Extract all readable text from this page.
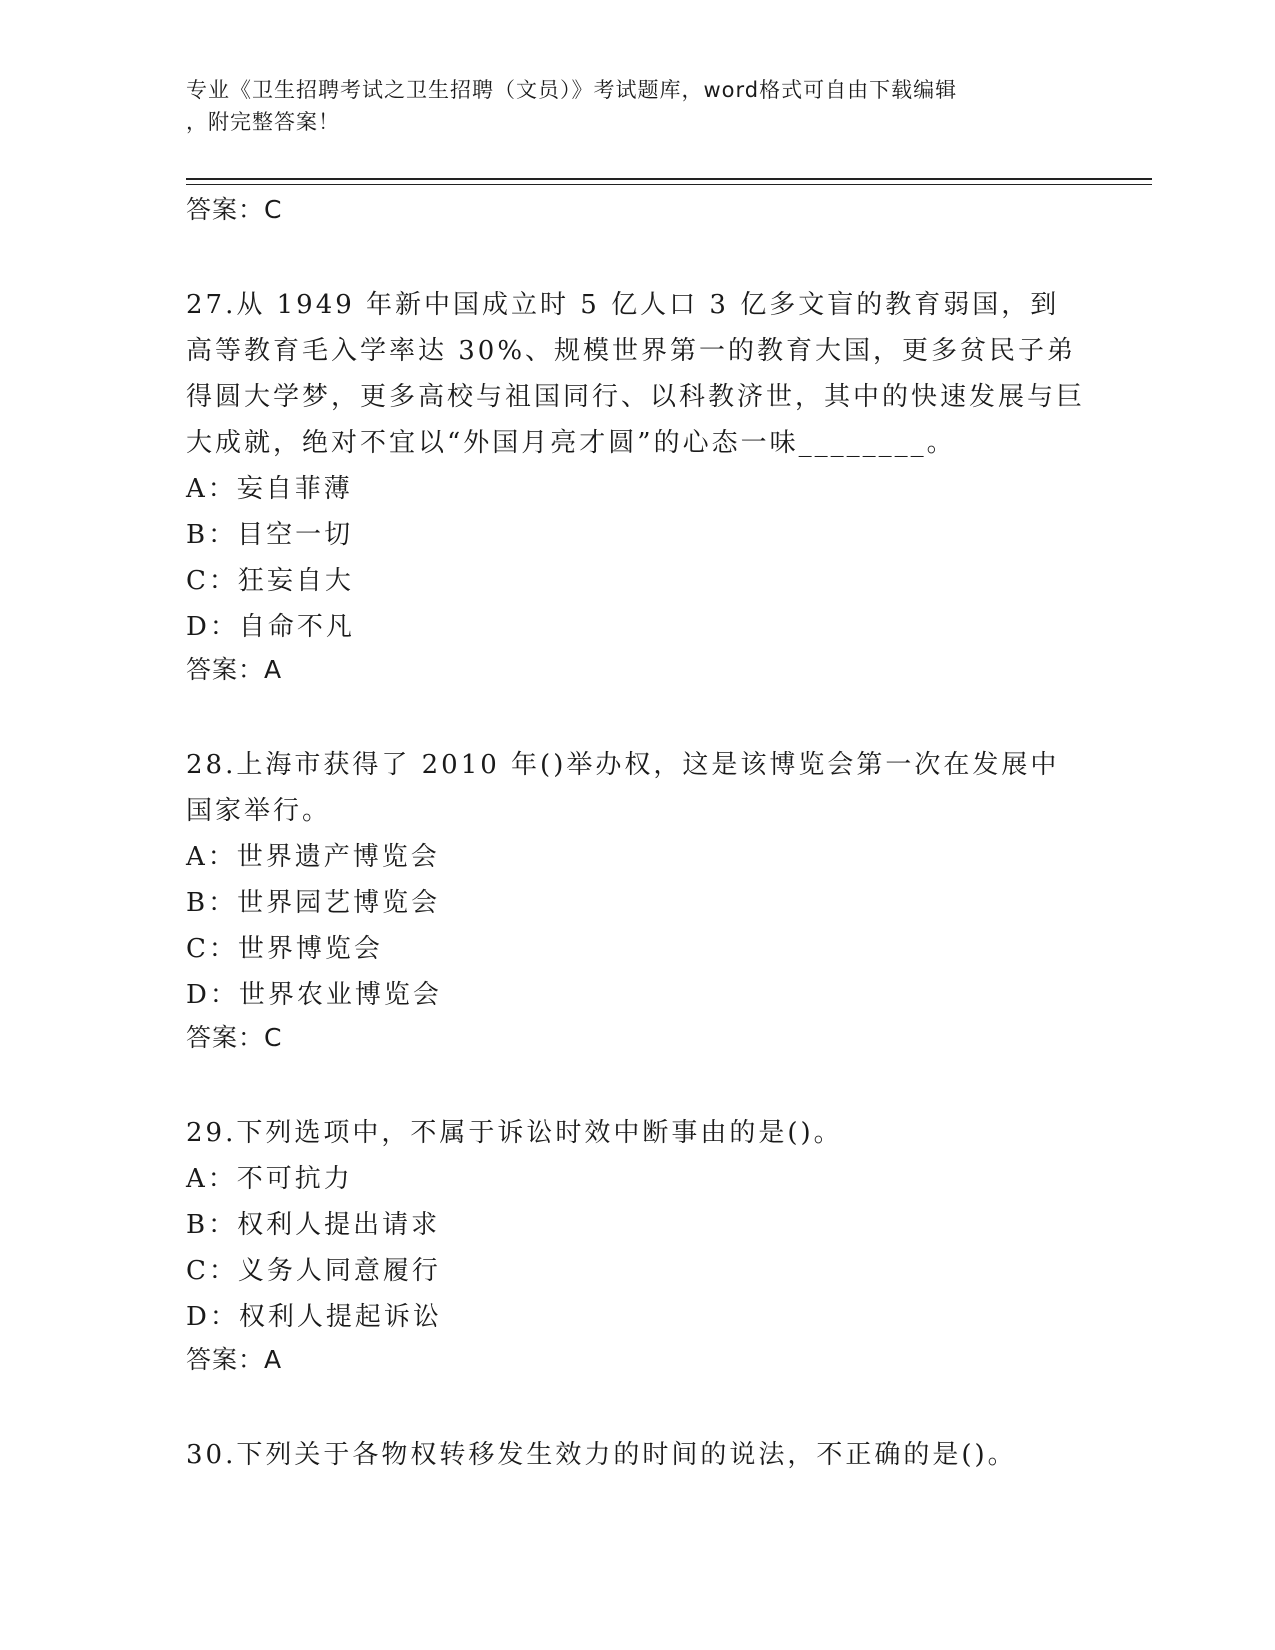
专业《卫生招聘考试之卫生招聘（文员）》考试题库，word格式可自由下载编辑
，附完整答案！
答案：C
27.从 1949 年新中国成立时 5 亿人口 3 亿多文盲的教育弱国，到高等教育毛入学率达 30%、规模世界第一的教育大国，更多贫民子弟得圆大学梦，更多高校与祖国同行、以科教济世，其中的快速发展与巨大成就，绝对不宜以“外国月亮才圆”的心态一味________。
A：妄自菲薄
B：目空一切
C：狂妄自大
D：自命不凡
答案：A
28.上海市获得了 2010 年()举办权，这是该博览会第一次在发展中国家举行。
A：世界遗产博览会
B：世界园艺博览会
C：世界博览会
D：世界农业博览会
答案：C
29.下列选项中，不属于诉讼时效中断事由的是()。
A：不可抗力
B：权利人提出请求
C：义务人同意履行
D：权利人提起诉讼
答案：A
30.下列关于各物权转移发生效力的时间的说法，不正确的是()。
